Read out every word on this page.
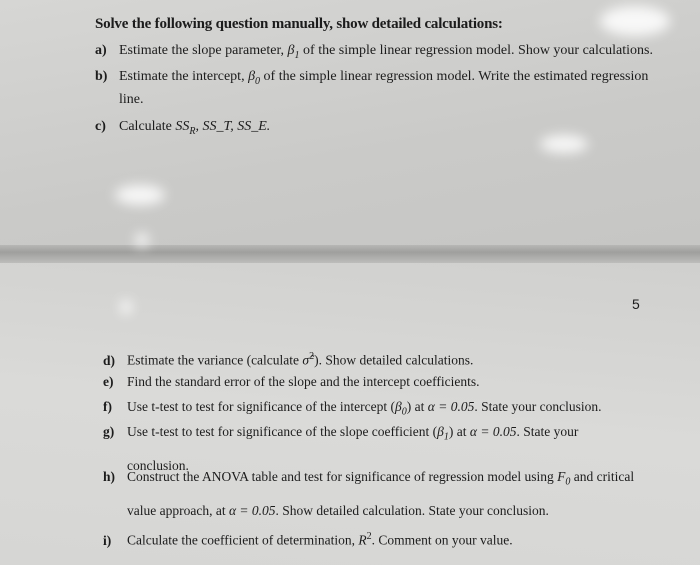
Solve the following question manually, show detailed calculations:
a) Estimate the slope parameter, $\beta_1$ of the simple linear regression model. Show your calculations.
b) Estimate the intercept, $\beta_0$ of the simple linear regression model. Write the estimated regression
line.
c) Calculate $SS_R$, SS_T, SS_E.
5
d) Estimate the variance (calculate σ̂$^2$). Show detailed calculations.
e) Find the standard error of the slope and the intercept coefficients.
f) Use t-test to test for significance of the intercept $(\beta_0)$ at α = 0.05. State your conclusion.
g) Use t-test to test for significance of the slope coefficient $(\beta_1)$ at α = 0.05. State your
conclusion.
h) Construct the ANOVA table and test for significance of regression model using $F_0$ and critical
value approach, at α = 0.05. Show detailed calculation. State your conclusion.
i) Calculate the coefficient of determination, $R^2$. Comment on your value.
